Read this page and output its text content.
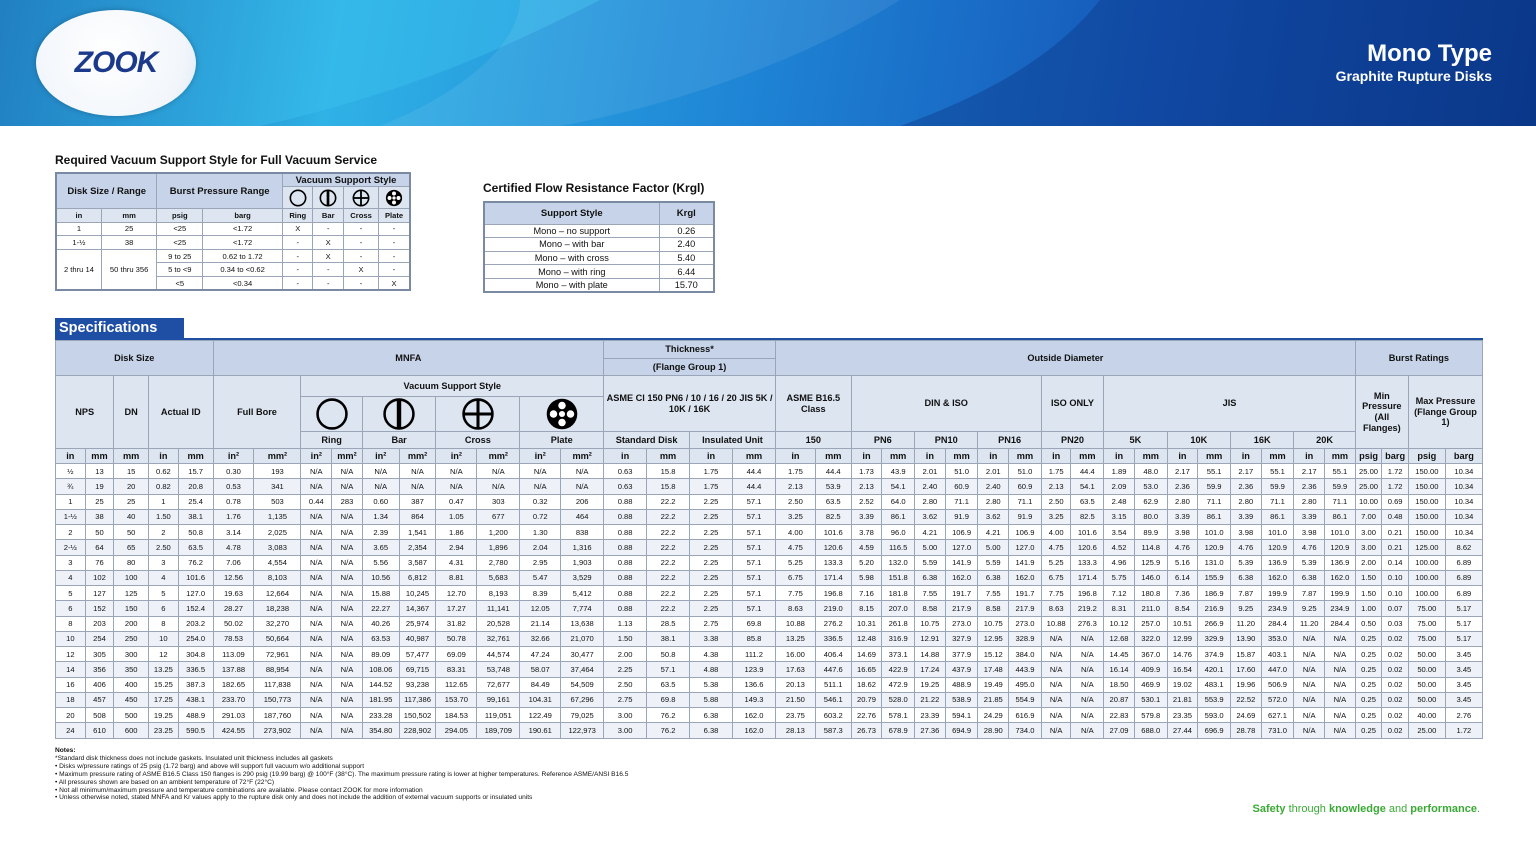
ZOOK	Mono Type
Graphite Rupture Disks
Required Vacuum Support Style for Full Vacuum Service
Disk Size / Range		Burst Pressure Range		Vacuum Support Style			

in	mm	psig	barg	Ring	Bar	Cross	Plate
1	25	<25	<1.72	X	-	-	-
1-½	38	<25	<1.72	-	X	-	-
2 thru 14	50 thru 356	9 to 25	0.62 to 1.72	-	X	-	-
		5 to <9	0.34 to <0.62	-	-	X	-
		<5	<0.34	-	-	-	X
Certified Flow Resistance Factor (Krgl)
Support Style	Krgl
Mono – no support	0.26
Mono – with bar	2.40
Mono – with cross	5.40
Mono – with ring	6.44
Mono – with plate	15.70
Specifications
Disk Size					MNFA										Thickness*				Outside Diameter																		Burst Ratings			
															(Flange Group 1)																									
NPS		DN	Actual ID		Full Bore		Vacuum Support Style								ASME Cl 150 PN6 / 10 / 16 / 20 JIS 5K / 10K / 16K				ASME B16.5 Class		DIN & ISO						ISO ONLY		JIS								Min Pressure (All Flanges)		Max Pressure (Flange Group 1)	

							Ring		Bar		Cross		Plate		Standard Disk		Insulated Unit		150		PN6		PN10		PN16		PN20		5K		10K		16K		20K					
in	mm	mm	in	mm	in²	mm²	in²	mm²	in²	mm²	in²	mm²	in²	mm²	in	mm	in	mm	in	mm	in	mm	in	mm	in	mm	in	mm	in	mm	in	mm	in	mm	in	mm	psig	barg	psig	barg
½	13	15	0.62	15.7	0.30	193	N/A	N/A	N/A	N/A	N/A	N/A	N/A	N/A	0.63	15.8	1.75	44.4	1.75	44.4	1.73	43.9	2.01	51.0	2.01	51.0	1.75	44.4	1.89	48.0	2.17	55.1	2.17	55.1	2.17	55.1	25.00	1.72	150.00	10.34
¾	19	20	0.82	20.8	0.53	341	N/A	N/A	N/A	N/A	N/A	N/A	N/A	N/A	0.63	15.8	1.75	44.4	2.13	53.9	2.13	54.1	2.40	60.9	2.40	60.9	2.13	54.1	2.09	53.0	2.36	59.9	2.36	59.9	2.36	59.9	25.00	1.72	150.00	10.34
1	25	25	1	25.4	0.78	503	0.44	283	0.60	387	0.47	303	0.32	206	0.88	22.2	2.25	57.1	2.50	63.5	2.52	64.0	2.80	71.1	2.80	71.1	2.50	63.5	2.48	62.9	2.80	71.1	2.80	71.1	2.80	71.1	10.00	0.69	150.00	10.34
1-½	38	40	1.50	38.1	1.76	1,135	N/A	N/A	1.34	864	1.05	677	0.72	464	0.88	22.2	2.25	57.1	3.25	82.5	3.39	86.1	3.62	91.9	3.62	91.9	3.25	82.5	3.15	80.0	3.39	86.1	3.39	86.1	3.39	86.1	7.00	0.48	150.00	10.34
2	50	50	2	50.8	3.14	2,025	N/A	N/A	2.39	1,541	1.86	1,200	1.30	838	0.88	22.2	2.25	57.1	4.00	101.6	3.78	96.0	4.21	106.9	4.21	106.9	4.00	101.6	3.54	89.9	3.98	101.0	3.98	101.0	3.98	101.0	3.00	0.21	150.00	10.34
2-½	64	65	2.50	63.5	4.78	3,083	N/A	N/A	3.65	2,354	2.94	1,896	2.04	1,316	0.88	22.2	2.25	57.1	4.75	120.6	4.59	116.5	5.00	127.0	5.00	127.0	4.75	120.6	4.52	114.8	4.76	120.9	4.76	120.9	4.76	120.9	3.00	0.21	125.00	8.62
3	76	80	3	76.2	7.06	4,554	N/A	N/A	5.56	3,587	4.31	2,780	2.95	1,903	0.88	22.2	2.25	57.1	5.25	133.3	5.20	132.0	5.59	141.9	5.59	141.9	5.25	133.3	4.96	125.9	5.16	131.0	5.39	136.9	5.39	136.9	2.00	0.14	100.00	6.89
4	102	100	4	101.6	12.56	8,103	N/A	N/A	10.56	6,812	8.81	5,683	5.47	3,529	0.88	22.2	2.25	57.1	6.75	171.4	5.98	151.8	6.38	162.0	6.38	162.0	6.75	171.4	5.75	146.0	6.14	155.9	6.38	162.0	6.38	162.0	1.50	0.10	100.00	6.89
5	127	125	5	127.0	19.63	12,664	N/A	N/A	15.88	10,245	12.70	8,193	8.39	5,412	0.88	22.2	2.25	57.1	7.75	196.8	7.16	181.8	7.55	191.7	7.55	191.7	7.75	196.8	7.12	180.8	7.36	186.9	7.87	199.9	7.87	199.9	1.50	0.10	100.00	6.89
6	152	150	6	152.4	28.27	18,238	N/A	N/A	22.27	14,367	17.27	11,141	12.05	7,774	0.88	22.2	2.25	57.1	8.63	219.0	8.15	207.0	8.58	217.9	8.58	217.9	8.63	219.2	8.31	211.0	8.54	216.9	9.25	234.9	9.25	234.9	1.00	0.07	75.00	5.17
8	203	200	8	203.2	50.02	32,270	N/A	N/A	40.26	25,974	31.82	20,528	21.14	13,638	1.13	28.5	2.75	69.8	10.88	276.2	10.31	261.8	10.75	273.0	10.75	273.0	10.88	276.3	10.12	257.0	10.51	266.9	11.20	284.4	11.20	284.4	0.50	0.03	75.00	5.17
10	254	250	10	254.0	78.53	50,664	N/A	N/A	63.53	40,987	50.78	32,761	32.66	21,070	1.50	38.1	3.38	85.8	13.25	336.5	12.48	316.9	12.91	327.9	12.95	328.9	N/A	N/A	12.68	322.0	12.99	329.9	13.90	353.0	N/A	N/A	0.25	0.02	75.00	5.17
12	305	300	12	304.8	113.09	72,961	N/A	N/A	89.09	57,477	69.09	44,574	47.24	30,477	2.00	50.8	4.38	111.2	16.00	406.4	14.69	373.1	14.88	377.9	15.12	384.0	N/A	N/A	14.45	367.0	14.76	374.9	15.87	403.1	N/A	N/A	0.25	0.02	50.00	3.45
14	356	350	13.25	336.5	137.88	88,954	N/A	N/A	108.06	69,715	83.31	53,748	58.07	37,464	2.25	57.1	4.88	123.9	17.63	447.6	16.65	422.9	17.24	437.9	17.48	443.9	N/A	N/A	16.14	409.9	16.54	420.1	17.60	447.0	N/A	N/A	0.25	0.02	50.00	3.45
16	406	400	15.25	387.3	182.65	117,838	N/A	N/A	144.52	93,238	112.65	72,677	84.49	54,509	2.50	63.5	5.38	136.6	20.13	511.1	18.62	472.9	19.25	488.9	19.49	495.0	N/A	N/A	18.50	469.9	19.02	483.1	19.96	506.9	N/A	N/A	0.25	0.02	50.00	3.45
18	457	450	17.25	438.1	233.70	150,773	N/A	N/A	181.95	117,386	153.70	99,161	104.31	67,296	2.75	69.8	5.88	149.3	21.50	546.1	20.79	528.0	21.22	538.9	21.85	554.9	N/A	N/A	20.87	530.1	21.81	553.9	22.52	572.0	N/A	N/A	0.25	0.02	50.00	3.45
20	508	500	19.25	488.9	291.03	187,760	N/A	N/A	233.28	150,502	184.53	119,051	122.49	79,025	3.00	76.2	6.38	162.0	23.75	603.2	22.76	578.1	23.39	594.1	24.29	616.9	N/A	N/A	22.83	579.8	23.35	593.0	24.69	627.1	N/A	N/A	0.25	0.02	40.00	2.76
24	610	600	23.25	590.5	424.55	273,902	N/A	N/A	354.80	228,902	294.05	189,709	190.61	122,973	3.00	76.2	6.38	162.0	28.13	587.3	26.73	678.9	27.36	694.9	28.90	734.0	N/A	N/A	27.09	688.0	27.44	696.9	28.78	731.0	N/A	N/A	0.25	0.02	25.00	1.72
Notes:
*Standard disk thickness does not include gaskets. Insulated unit thickness includes all gaskets
• Disks w/pressure ratings of 25 psig (1.72 barg) and above will support full vacuum w/o additional support
• Maximum pressure rating of ASME B16.5 Class 150 flanges is 290 psig (19.99 barg) @ 100°F (38°C). The maximum pressure rating is lower at higher temperatures. Reference ASME/ANSI B16.5
• All pressures shown are based on an ambient temperature of 72°F (22°C)
• Not all minimum/maximum pressure and temperature combinations are available. Please contact ZOOK for more information
• Unless otherwise noted, stated MNFA and Kr values apply to the rupture disk only and does not include the addition of external vacuum supports or insulated units
Safety through knowledge and performance.
